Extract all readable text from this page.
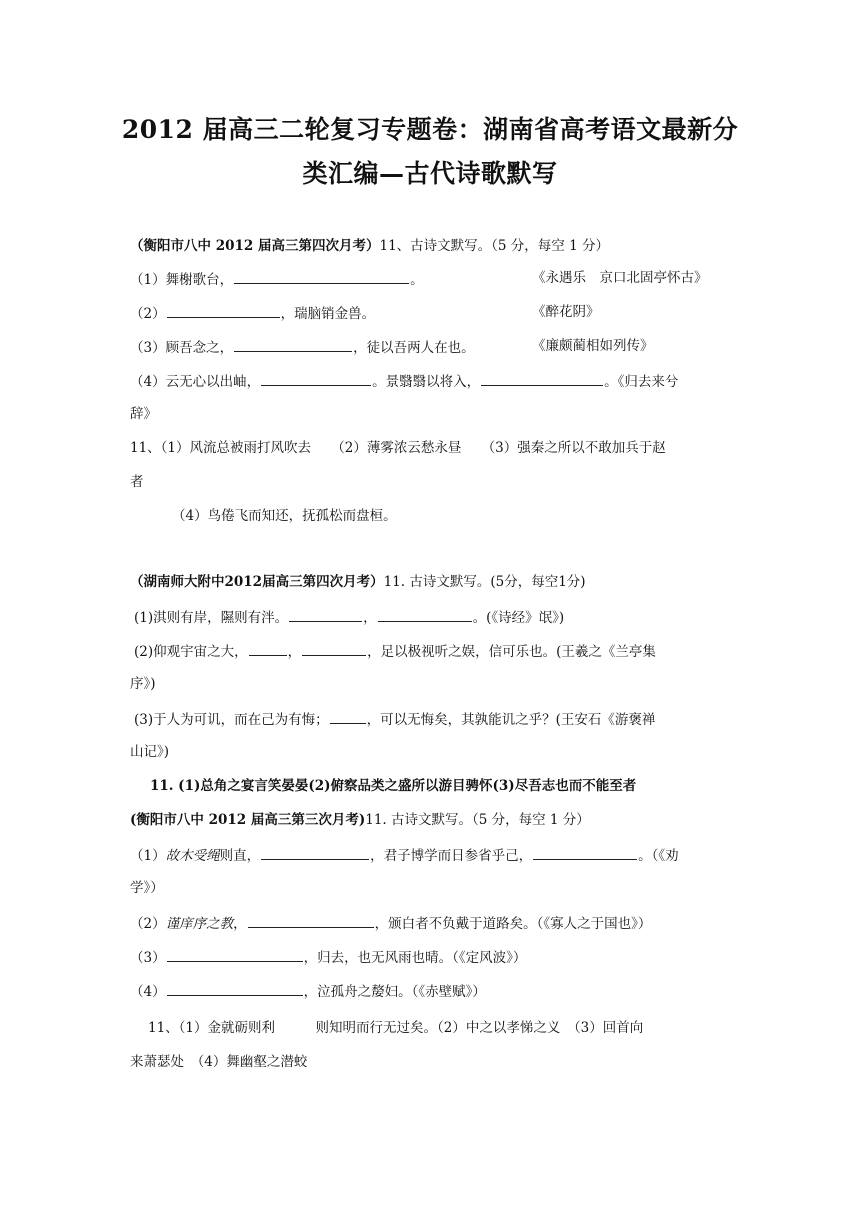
2012 届高三二轮复习专题卷：湖南省高考语文最新分
类汇编—古代诗歌默写
（衡阳市八中 2012 届高三第四次月考）11、古诗文默写。（5 分，每空 1 分）
（1）舞榭歌台，	。	《永遇乐　京口北固亭怀古》
（2）	，瑞脑销金兽。	《醉花阴》
（3）顾吾念之，	，徒以吾两人在也。	《廉颇蔺相如列传》
（4）云无心以出岫，	。景翳翳以将入，	。《归去来兮
辞》
11、（1）风流总被雨打风吹去　　（2）薄雾浓云愁永昼　　（3）强秦之所以不敢加兵于赵
者
（4）鸟倦飞而知还，抚孤松而盘桓。
（湖南师大附中2012届高三第四次月考）11. 古诗文默写。(5分，每空1分)
(1)淇则有岸，隰则有泮。	，	。(《诗经》氓》)
(2)仰观宇宙之大，	，	，足以极视听之娱，信可乐也。(王羲之《兰亭集
序》)
(3)于人为可讥，而在己为有悔；	，可以无悔矣，其孰能讥之乎？(王安石《游褒禅
山记》)
11. (1)总角之宴言笑晏晏(2)俯察品类之盛所以游目骋怀(3)尽吾志也而不能至者
(衡阳市八中 2012 届高三第三次月考)11. 古诗文默写。（5 分，每空 1 分）
（1）故木受绳则直，	，君子博学而日参省乎己，	。（《劝
学》）
（2）谨庠序之教，	，颁白者不负戴于道路矣。（《寡人之于国也》）
（3）	，归去，也无风雨也晴。（《定风波》）
（4）	，泣孤舟之嫠妇。（《赤壁赋》）
11、（1）金就砺则利　　　则知明而行无过矣。（2）中之以孝悌之义　（3）回首向
来萧瑟处　（4）舞幽壑之潜蛟
